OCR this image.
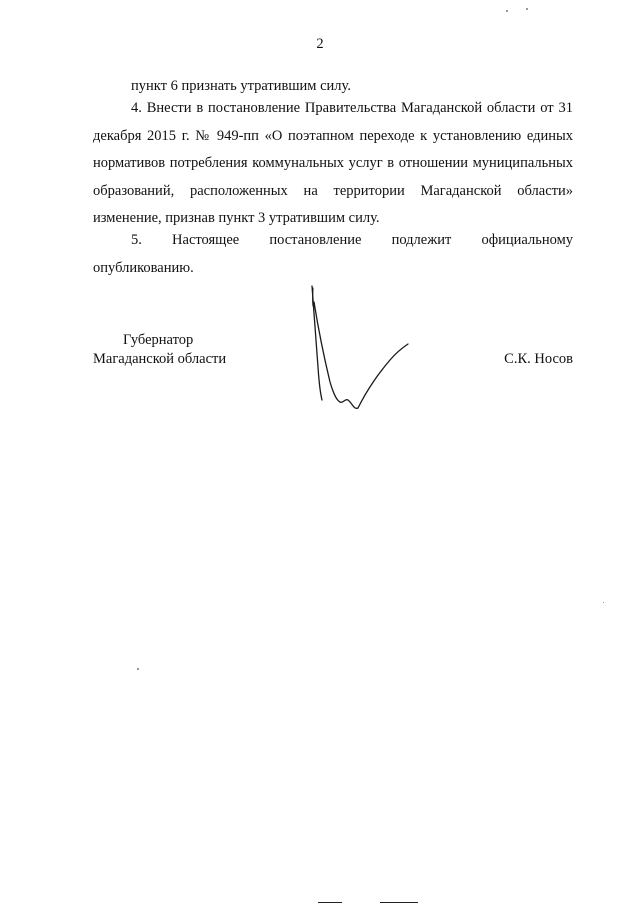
2

пункт 6 признать утратившим силу.

4. Внести в постановление Правительства Магаданской области от 31 декабря 2015 г. № 949-пп «О поэтапном переходе к установлению единых нормативов потребления коммунальных услуг в отношении муниципальных образований, расположенных на территории Магаданской области» изменение, признав пункт 3 утратившим силу.

5. Настоящее постановление подлежит официальному

опубликованию.

Губернатор
Магаданской области	С.К. Носов
